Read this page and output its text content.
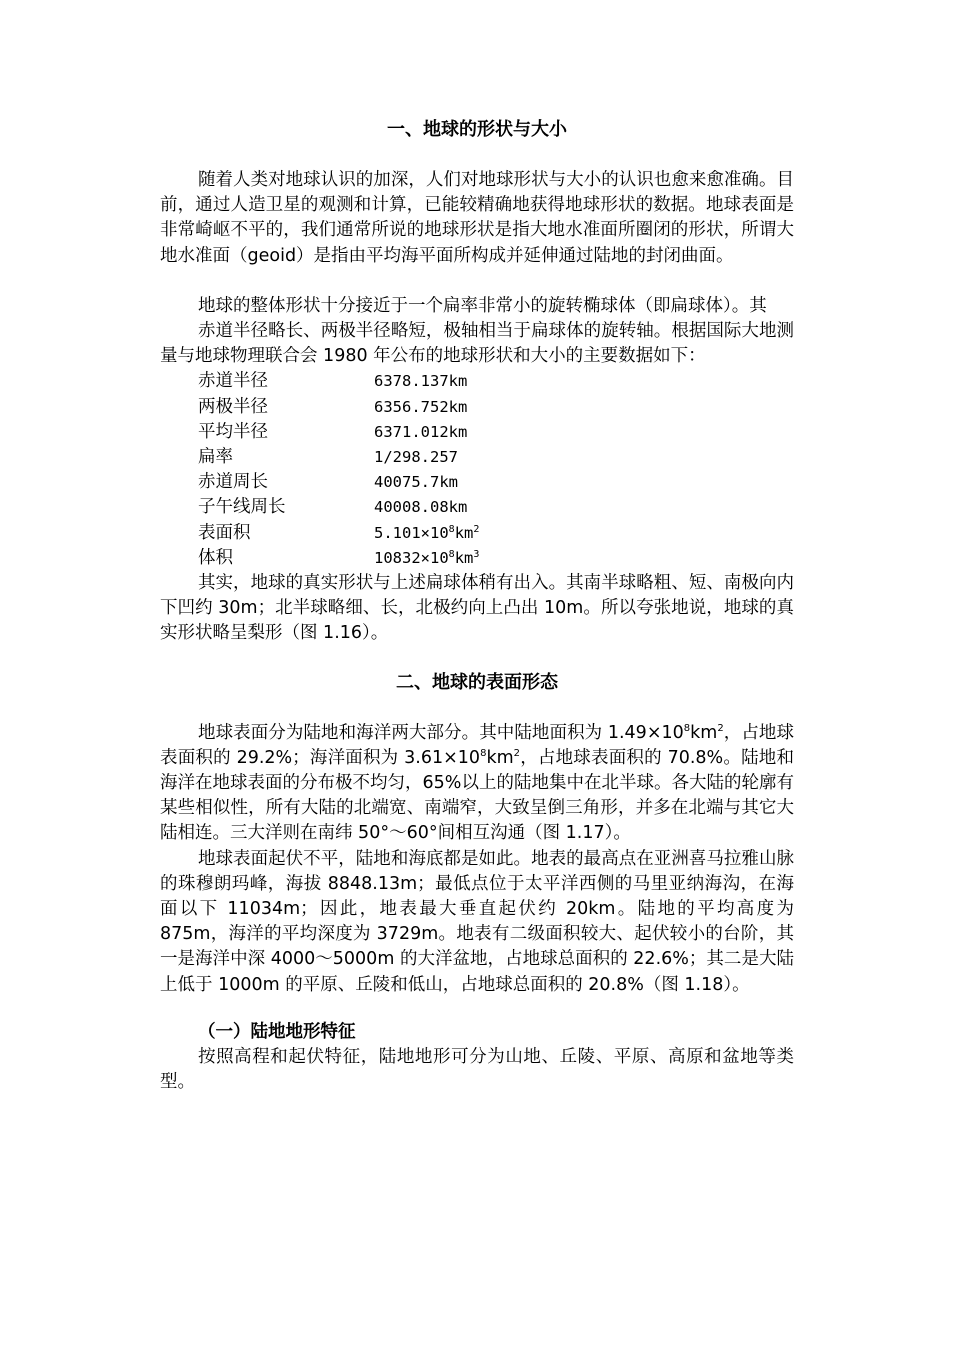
一、地球的形状与大小

随着人类对地球认识的加深，人们对地球形状与大小的认识也愈来愈准确。目前，通过人造卫星的观测和计算，已能较精确地获得地球形状的数据。地球表面是非常崎岖不平的，我们通常所说的地球形状是指大地水准面所圈闭的形状，所谓大地水准面（geoid）是指由平均海平面所构成并延伸通过陆地的封闭曲面。

地球的整体形状十分接近于一个扁率非常小的旋转椭球体（即扁球体）。其

赤道半径略长、两极半径略短，极轴相当于扁球体的旋转轴。根据国际大地测量与地球物理联合会 1980 年公布的地球形状和大小的主要数据如下：

赤道半径	6378.137km
两极半径	6356.752km
平均半径	6371.012km
扁率	1/298.257
赤道周长	40075.7km
子午线周长	40008.08km
表面积	$5.101\times 10^8km^2$
体积	$10832\times 10^8km^3$

其实，地球的真实形状与上述扁球体稍有出入。其南半球略粗、短、南极向内下凹约 30m；北半球略细、长，北极约向上凸出 10m。所以夸张地说，地球的真实形状略呈梨形（图 1.16）。

二、地球的表面形态

地球表面分为陆地和海洋两大部分。其中陆地面积为 $1.49\times 10^8km^2$，占地球表面积的 29.2%；海洋面积为 $3.61\times 10^8km^2$，占地球表面积的 70.8%。陆地和海洋在地球表面的分布极不均匀，65%以上的陆地集中在北半球。各大陆的轮廓有某些相似性，所有大陆的北端宽、南端窄，大致呈倒三角形，并多在北端与其它大陆相连。三大洋则在南纬 50°～60°间相互沟通（图 1.17）。

地球表面起伏不平，陆地和海底都是如此。地表的最高点在亚洲喜马拉雅山脉的珠穆朗玛峰，海拔 8848.13m；最低点位于太平洋西侧的马里亚纳海沟，在海面以下 11034m；因此，地表最大垂直起伏约 20km。陆地的平均高度为 875m，海洋的平均深度为 3729m。地表有二级面积较大、起伏较小的台阶，其一是海洋中深 4000～5000m 的大洋盆地，占地球总面积的 22.6%；其二是大陆上低于 1000m 的平原、丘陵和低山，占地球总面积的 20.8%（图 1.18）。

（一）陆地地形特征

按照高程和起伏特征，陆地地形可分为山地、丘陵、平原、高原和盆地等类型。
